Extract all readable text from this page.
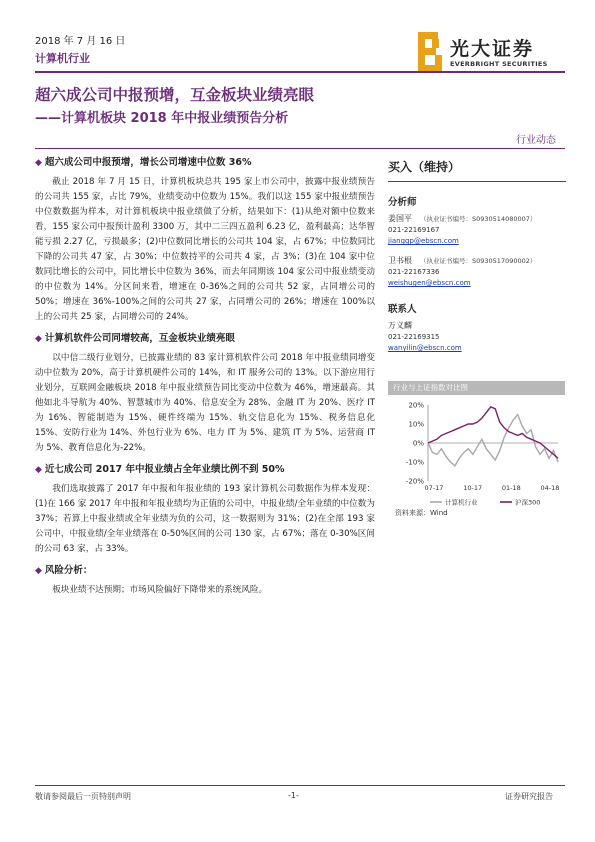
2018 年 7 月 16 日
计算机行业	光大证券
EVERBRIGHT SECURITIES
超六成公司中报预增，互金板块业绩亮眼
——计算机板块 2018 年中报业绩预告分析
行业动态
◆ 超六成公司中报预增，增长公司增速中位数 36%

截止 2018 年 7 月 15 日，计算机板块总共 195 家上市公司中，披露中报业绩预告的公司共 155 家，占比 79%，业绩变动中位数为 15%。我们以这 155 家中报业绩预告中位数数据为样本，对计算机板块中报业绩做了分析，结果如下：(1)从绝对额中位数来看，155 家公司中报预计盈利 3300 万，其中二三四五盈利 6.23 亿，盈利最高；达华智能亏损 2.27 亿，亏损最多；(2)中位数同比增长的公司共 104 家，占 67%；中位数同比下降的公司共 47 家，占 30%；中位数持平的公司共 4 家，占 3%；(3)在 104 家中位数同比增长的公司中，同比增长中位数为 36%，而去年同期该 104 家公司中报业绩变动的中位数为 14%。分区间来看，增速在 0-36%之间的公司共 52 家，占同增公司的 50%；增速在 36%-100%之间的公司共 27 家，占同增公司的 26%；增速在 100%以上的公司共 25 家，占同增公司的 24%。

◆ 计算机软件公司同增较高，互金板块业绩亮眼

以中信二级行业划分，已披露业绩的 83 家计算机软件公司 2018 年中报业绩同增变动中位数为 20%，高于计算机硬件公司的 14%，和 IT 服务公司的 13%。以下游应用行业划分，互联网金融板块 2018 年中报业绩预告同比变动中位数为 46%，增速最高。其他如北斗导航为 40%、智慧城市为 40%、信息安全为 28%、金融 IT 为 20%、医疗 IT 为 16%、智能制造为 15%、硬件终端为 15%、轨交信息化为 15%、税务信息化 15%、安防行业为 14%、外包行业为 6%、电力 IT 为 5%、建筑 IT 为 5%、运营商 IT 为 5%、教育信息化为-22%。

◆ 近七成公司 2017 年中报业绩占全年业绩比例不到 50%

我们选取披露了 2017 年中报和年报业绩的 193 家计算机公司数据作为样本发现：(1)在 166 家 2017 年中报和年报业绩均为正值的公司中，中报业绩/全年业绩的中位数为 37%；若算上中报业绩或全年业绩为负的公司，这一数据则为 31%；(2)在全部 193 家公司中，中报业绩/全年业绩落在 0-50%区间的公司 130 家，占 67%；落在 0-30%区间的公司 63 家，占 33%。

◆ 风险分析：

板块业绩不达预期；市场风险偏好下降带来的系统风险。

买入（维持）
分析师
姜国平 （执业证书编号：S0930514080007）
021-22169167
jianggp@ebscn.com
卫书根 （执业证书编号：S0930517090002）
021-22167336
weishugen@ebscn.com
联系人
万义麟
021-22169315
wanyilin@ebscn.com
行业与上证指数对比图
20%
10%
0%
-10%
-20%
07-17	10-17	01-18	04-18
计算机行业	沪深300
资料来源：Wind
敬请参阅最后一页特别声明	-1-	证券研究报告
